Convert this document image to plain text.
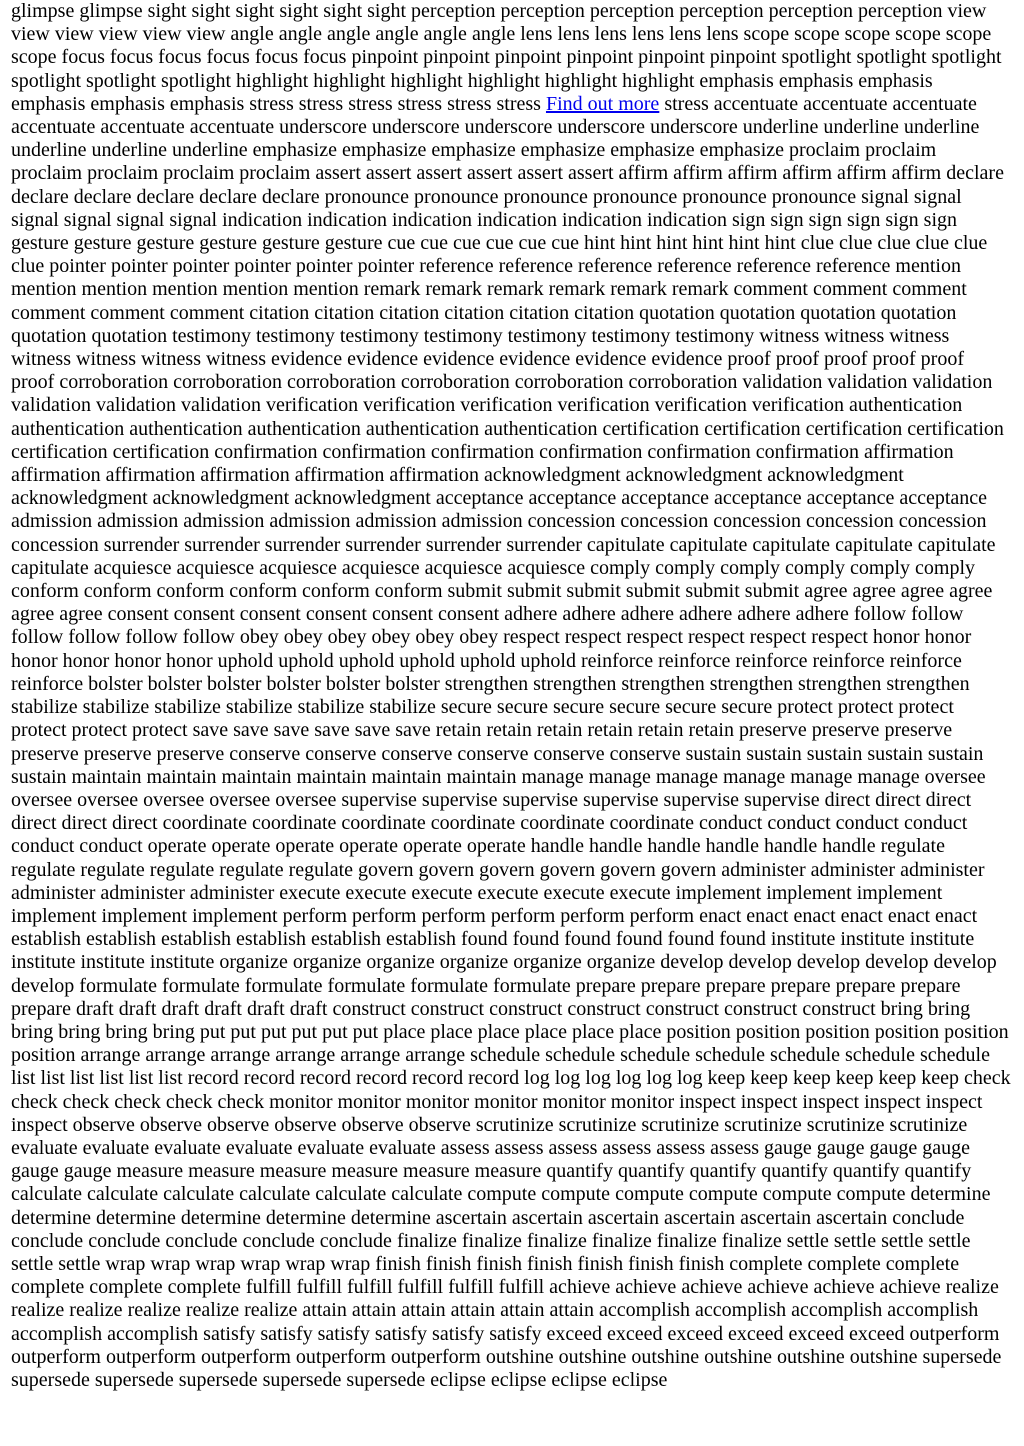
glimpse glimpse sight sight sight sight sight sight perception perception perception perception perception perception view view view view view view angle angle angle angle angle angle lens lens lens lens lens lens scope scope scope scope scope scope focus focus focus focus focus focus pinpoint pinpoint pinpoint pinpoint pinpoint pinpoint spotlight spotlight spotlight spotlight spotlight spotlight highlight highlight highlight highlight highlight highlight emphasis emphasis emphasis emphasis emphasis emphasis stress stress stress stress stress stress Find out more stress accentuate accentuate accentuate accentuate accentuate accentuate underscore underscore underscore underscore underscore underline underline underline underline underline underline emphasize emphasize emphasize emphasize emphasize emphasize proclaim proclaim proclaim proclaim proclaim proclaim assert assert assert assert assert assert affirm affirm affirm affirm affirm affirm declare declare declare declare declare declare pronounce pronounce pronounce pronounce pronounce pronounce signal signal signal signal signal signal indication indication indication indication indication indication sign sign sign sign sign sign gesture gesture gesture gesture gesture gesture cue cue cue cue cue cue hint hint hint hint hint hint clue clue clue clue clue clue pointer pointer pointer pointer pointer pointer reference reference reference reference reference reference mention mention mention mention mention mention remark remark remark remark remark remark comment comment comment comment comment comment citation citation citation citation citation citation quotation quotation quotation quotation quotation quotation testimony testimony testimony testimony testimony testimony testimony witness witness witness witness witness witness witness evidence evidence evidence evidence evidence evidence proof proof proof proof proof proof corroboration corroboration corroboration corroboration corroboration corroboration validation validation validation validation validation validation verification verification verification verification verification verification authentication authentication authentication authentication authentication authentication certification certification certification certification certification certification confirmation confirmation confirmation confirmation confirmation confirmation affirmation affirmation affirmation affirmation affirmation affirmation acknowledgment acknowledgment acknowledgment acknowledgment acknowledgment acknowledgment acceptance acceptance acceptance acceptance acceptance acceptance admission admission admission admission admission admission concession concession concession concession concession concession surrender surrender surrender surrender surrender surrender capitulate capitulate capitulate capitulate capitulate capitulate acquiesce acquiesce acquiesce acquiesce acquiesce acquiesce comply comply comply comply comply comply conform conform conform conform conform conform submit submit submit submit submit submit agree agree agree agree agree agree consent consent consent consent consent consent adhere adhere adhere adhere adhere adhere follow follow follow follow follow follow obey obey obey obey obey obey respect respect respect respect respect respect honor honor honor honor honor honor uphold uphold uphold uphold uphold uphold reinforce reinforce reinforce reinforce reinforce reinforce bolster bolster bolster bolster bolster bolster strengthen strengthen strengthen strengthen strengthen strengthen stabilize stabilize stabilize stabilize stabilize stabilize secure secure secure secure secure secure protect protect protect protect protect protect save save save save save save retain retain retain retain retain retain preserve preserve preserve preserve preserve preserve conserve conserve conserve conserve conserve conserve sustain sustain sustain sustain sustain sustain maintain maintain maintain maintain maintain maintain manage manage manage manage manage manage oversee oversee oversee oversee oversee oversee supervise supervise supervise supervise supervise supervise direct direct direct direct direct direct coordinate coordinate coordinate coordinate coordinate coordinate conduct conduct conduct conduct conduct conduct operate operate operate operate operate operate handle handle handle handle handle handle regulate regulate regulate regulate regulate regulate govern govern govern govern govern govern administer administer administer administer administer administer execute execute execute execute execute execute implement implement implement implement implement implement perform perform perform perform perform perform enact enact enact enact enact enact establish establish establish establish establish establish found found found found found found institute institute institute institute institute institute organize organize organize organize organize organize develop develop develop develop develop develop formulate formulate formulate formulate formulate formulate prepare prepare prepare prepare prepare prepare prepare draft draft draft draft draft draft construct construct construct construct construct construct construct bring bring bring bring bring bring put put put put put put place place place place place place position position position position position position arrange arrange arrange arrange arrange arrange schedule schedule schedule schedule schedule schedule schedule list list list list list list record record record record record record log log log log log log keep keep keep keep keep keep check check check check check check monitor monitor monitor monitor monitor monitor inspect inspect inspect inspect inspect inspect observe observe observe observe observe observe scrutinize scrutinize scrutinize scrutinize scrutinize scrutinize evaluate evaluate evaluate evaluate evaluate evaluate assess assess assess assess assess assess gauge gauge gauge gauge gauge gauge measure measure measure measure measure measure quantify quantify quantify quantify quantify quantify calculate calculate calculate calculate calculate calculate compute compute compute compute compute compute determine determine determine determine determine determine ascertain ascertain ascertain ascertain ascertain ascertain conclude conclude conclude conclude conclude conclude finalize finalize finalize finalize finalize finalize settle settle settle settle settle settle wrap wrap wrap wrap wrap wrap finish finish finish finish finish finish finish complete complete complete complete complete complete fulfill fulfill fulfill fulfill fulfill fulfill achieve achieve achieve achieve achieve achieve realize realize realize realize realize realize attain attain attain attain attain attain accomplish accomplish accomplish accomplish accomplish accomplish satisfy satisfy satisfy satisfy satisfy satisfy exceed exceed exceed exceed exceed exceed outperform outperform outperform outperform outperform outperform outshine outshine outshine outshine outshine outshine supersede supersede supersede supersede supersede supersede eclipse eclipse eclipse eclipse
